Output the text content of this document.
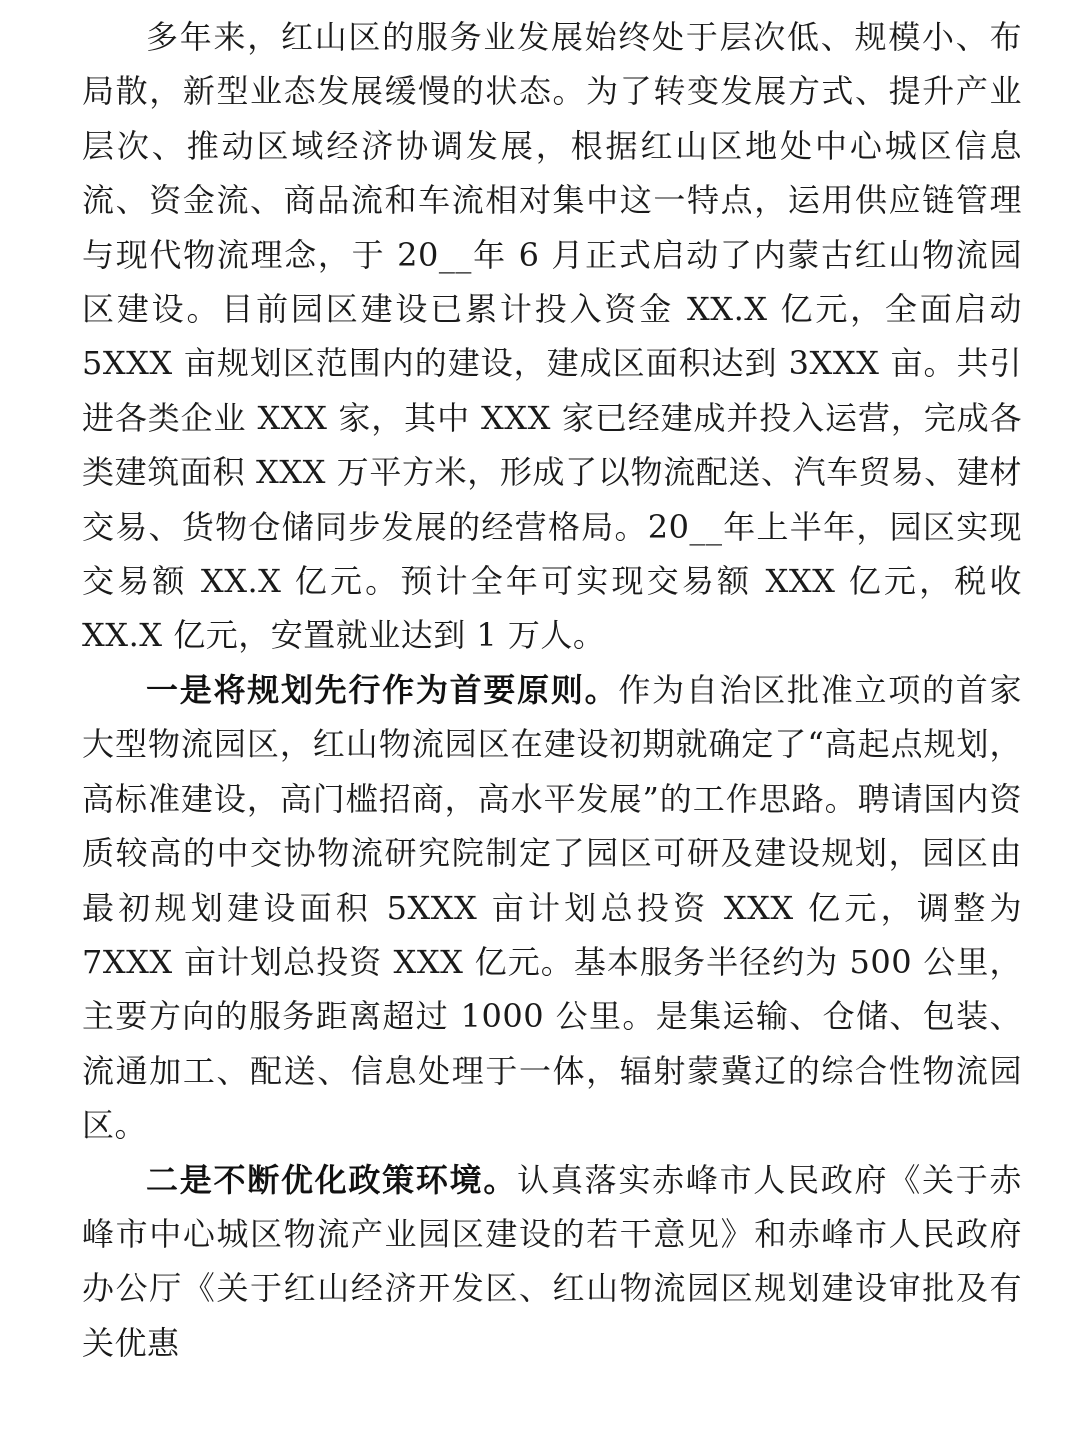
多年来，红山区的服务业发展始终处于层次低、规模小、布局散，新型业态发展缓慢的状态。为了转变发展方式、提升产业层次、推动区域经济协调发展，根据红山区地处中心城区信息流、资金流、商品流和车流相对集中这一特点，运用供应链管理与现代物流理念，于 20__年 6 月正式启动了内蒙古红山物流园区建设。目前园区建设已累计投入资金 XX.X 亿元，全面启动 5XXX 亩规划区范围内的建设，建成区面积达到 3XXX 亩。共引进各类企业 XXX 家，其中 XXX 家已经建成并投入运营，完成各类建筑面积 XXX 万平方米，形成了以物流配送、汽车贸易、建材交易、货物仓储同步发展的经营格局。20__年上半年，园区实现交易额 XX.X 亿元。预计全年可实现交易额 XXX 亿元，税收 XX.X 亿元，安置就业达到 1 万人。

一是将规划先行作为首要原则。作为自治区批准立项的首家大型物流园区，红山物流园区在建设初期就确定了“高起点规划，高标准建设，高门槛招商，高水平发展”的工作思路。聘请国内资质较高的中交协物流研究院制定了园区可研及建设规划，园区由最初规划建设面积 5XXX 亩计划总投资 XXX 亿元，调整为 7XXX 亩计划总投资 XXX 亿元。基本服务半径约为 500 公里，主要方向的服务距离超过 1000 公里。是集运输、仓储、包装、流通加工、配送、信息处理于一体，辐射蒙冀辽的综合性物流园区。

二是不断优化政策环境。认真落实赤峰市人民政府《关于赤峰市中心城区物流产业园区建设的若干意见》和赤峰市人民政府办公厅《关于红山经济开发区、红山物流园区规划建设审批及有关优惠
